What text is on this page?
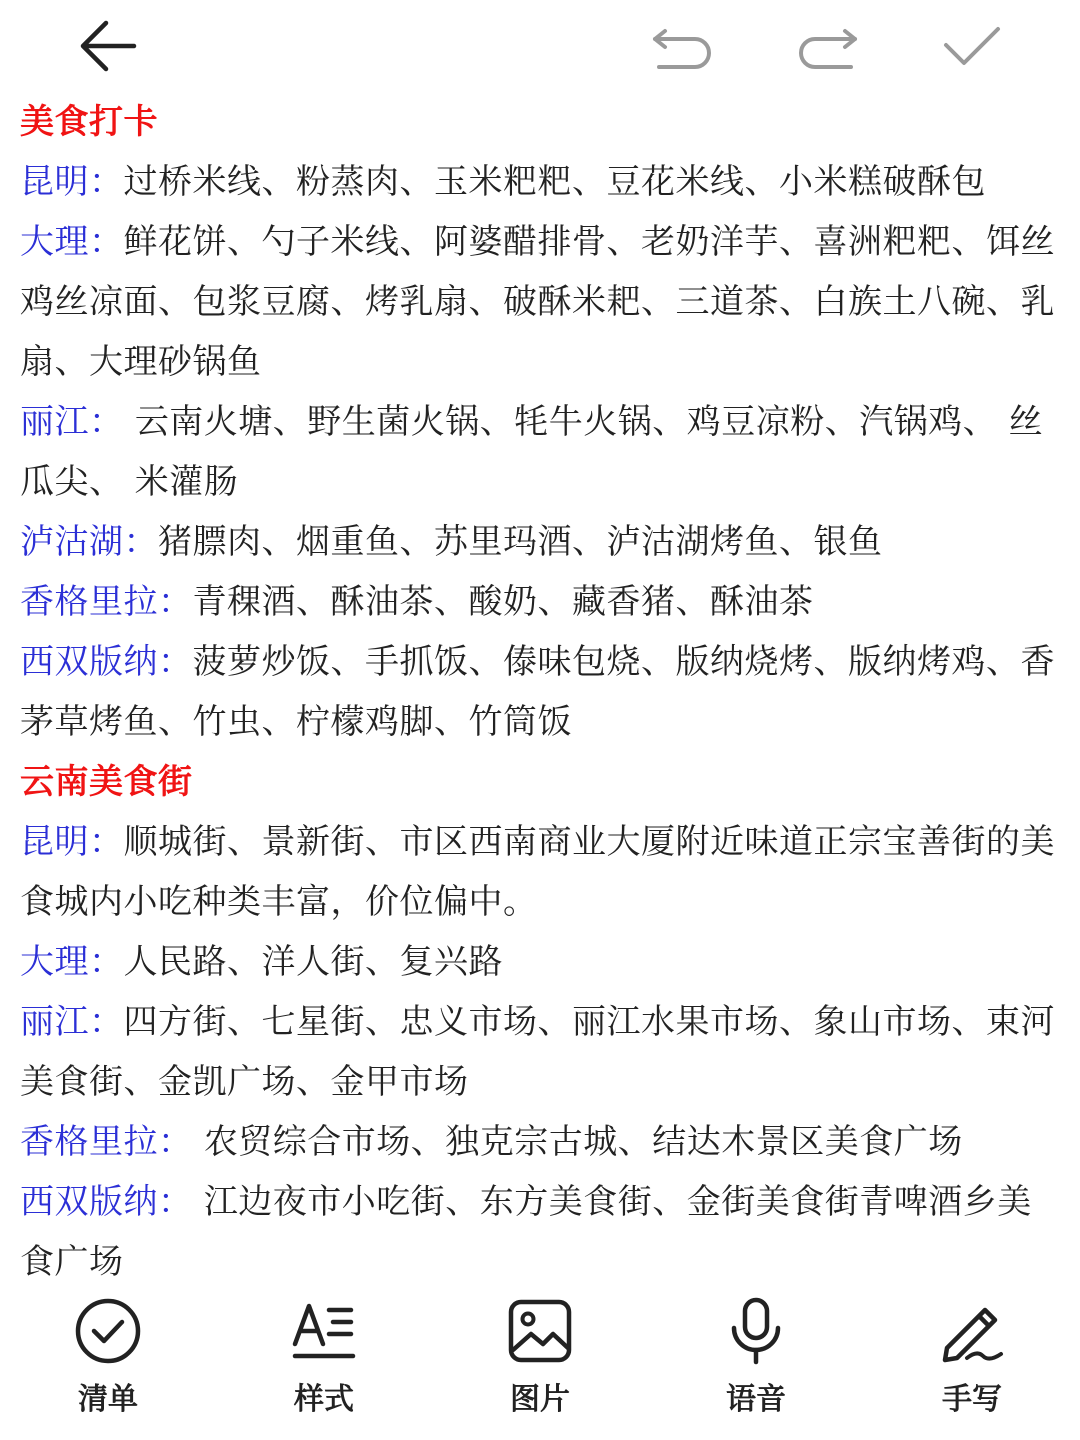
美食打卡

昆明：过桥米线、粉蒸肉、玉米粑粑、豆花米线、小米糕破酥包

大理：鲜花饼、勺子米线、阿婆醋排骨、老奶洋芋、喜洲粑粑、饵丝鸡丝凉面、包浆豆腐、烤乳扇、破酥米耙、三道茶、白族土八碗、乳扇、大理砂锅鱼

丽江： 云南火塘、野生菌火锅、牦牛火锅、鸡豆凉粉、汽锅鸡、 丝瓜尖、 米灌肠

泸沽湖：猪膘肉、烟重鱼、苏里玛酒、泸沽湖烤鱼、银鱼

香格里拉：青稞酒、酥油茶、酸奶、藏香猪、酥油茶

西双版纳：菠萝炒饭、手抓饭、傣味包烧、版纳烧烤、版纳烤鸡、香茅草烤鱼、竹虫、柠檬鸡脚、竹筒饭

云南美食街

昆明：顺城街、景新街、市区西南商业大厦附近味道正宗宝善街的美食城内小吃种类丰富，价位偏中。

大理：人民路、洋人街、复兴路

丽江：四方街、七星街、忠义市场、丽江水果市场、象山市场、束河美食街、金凯广场、金甲市场

香格里拉： 农贸综合市场、独克宗古城、结达木景区美食广场

西双版纳： 江边夜市小吃街、东方美食街、金街美食街青啤酒乡美食广场

清单	样式	图片	语音	手写
